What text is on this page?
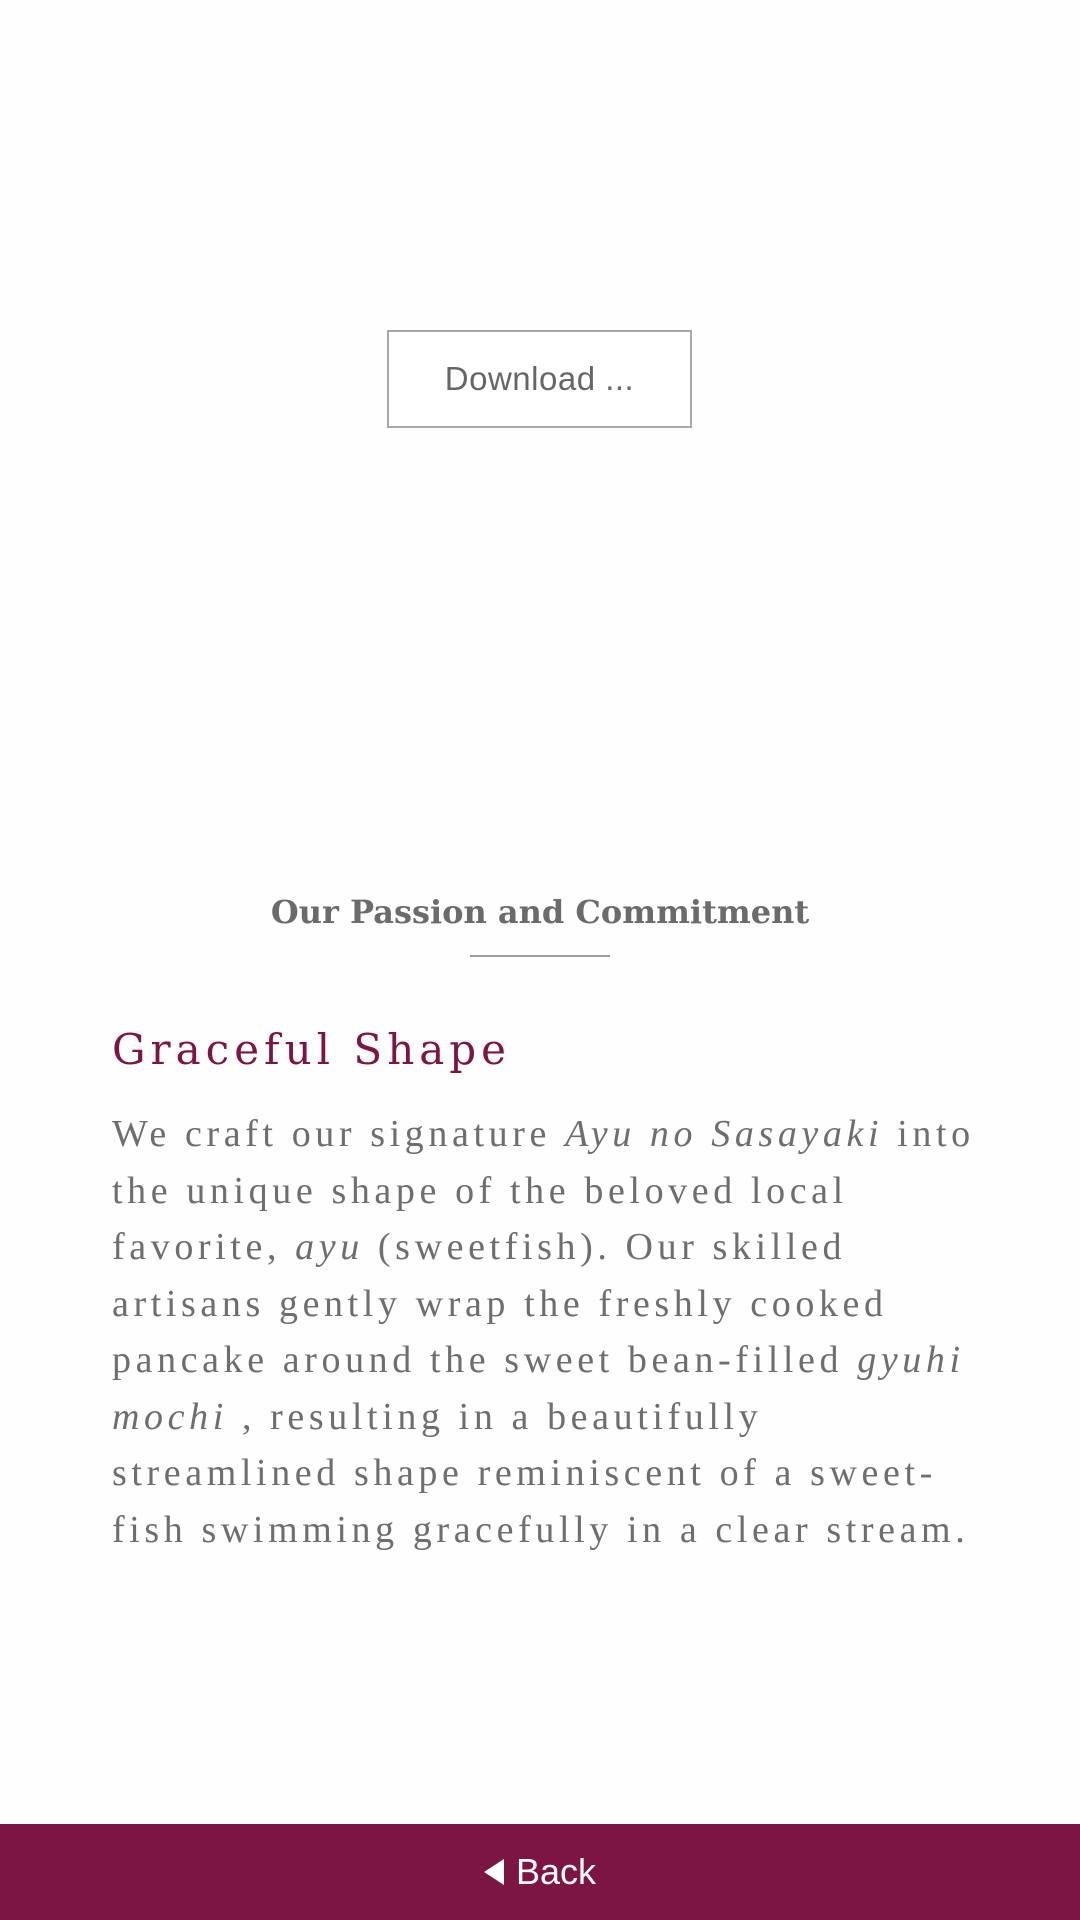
Download ...
Our Passion and Commitment
Graceful Shape

We craft our signature Ayu no Sasayaki into the unique shape of the beloved local favorite, ayu (sweetfish). Our skilled artisans gently wrap the freshly cooked pancake around the sweet bean-filled gyuhi mochi , resulting in a beautifully streamlined shape reminiscent of a sweet-fish swimming gracefully in a clear stream.

Back
